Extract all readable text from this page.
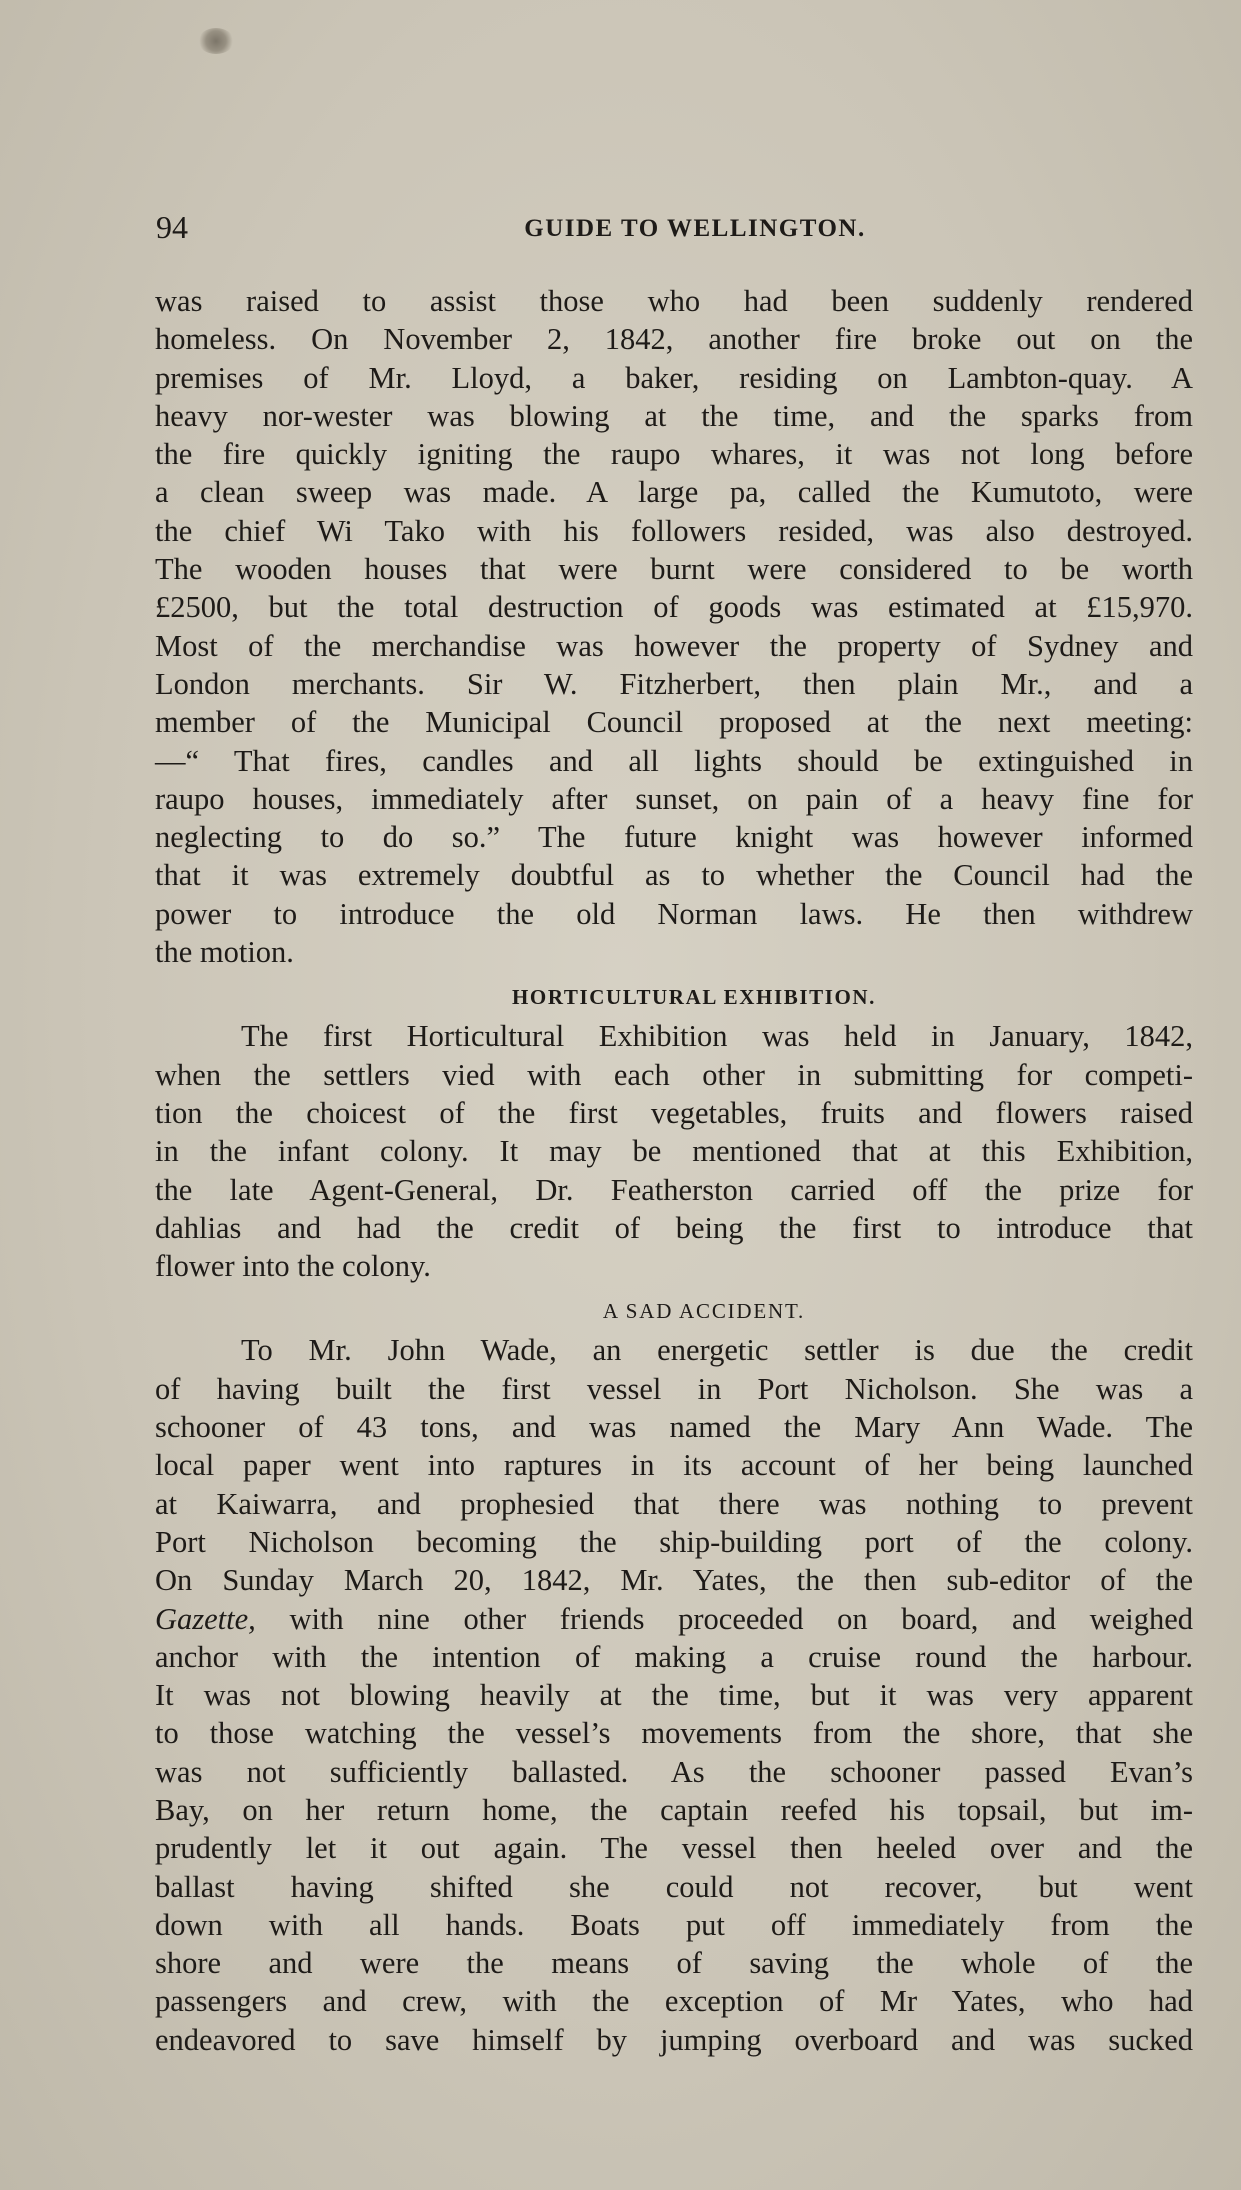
94	GUIDE TO WELLINGTON.
was raised to assist those who had been suddenly rendered
homeless. On November 2, 1842, another fire broke out on the
premises of Mr. Lloyd, a baker, residing on Lambton-quay. A
heavy nor-wester was blowing at the time, and the sparks from
the fire quickly igniting the raupo whares, it was not long before
a clean sweep was made. A large pa, called the Kumutoto, were
the chief Wi Tako with his followers resided, was also destroyed.
The wooden houses that were burnt were considered to be worth
£2500, but the total destruction of goods was estimated at £15,970.
Most of the merchandise was however the property of Sydney and
London merchants. Sir W. Fitzherbert, then plain Mr., and a
member of the Municipal Council proposed at the next meeting:
—“ That fires, candles and all lights should be extinguished in
raupo houses, immediately after sunset, on pain of a heavy fine for
neglecting to do so.” The future knight was however informed
that it was extremely doubtful as to whether the Council had the
power to introduce the old Norman laws. He then withdrew
the motion.
HORTICULTURAL EXHIBITION.
The first Horticultural Exhibition was held in January, 1842,
when the settlers vied with each other in submitting for competi-
tion the choicest of the first vegetables, fruits and flowers raised
in the infant colony. It may be mentioned that at this Exhibition,
the late Agent-General, Dr. Featherston carried off the prize for
dahlias and had the credit of being the first to introduce that
flower into the colony.
A SAD ACCIDENT.
To Mr. John Wade, an energetic settler is due the credit
of having built the first vessel in Port Nicholson. She was a
schooner of 43 tons, and was named the Mary Ann Wade. The
local paper went into raptures in its account of her being launched
at Kaiwarra, and prophesied that there was nothing to prevent
Port Nicholson becoming the ship-building port of the colony.
On Sunday March 20, 1842, Mr. Yates, the then sub-editor of the
Gazette, with nine other friends proceeded on board, and weighed
anchor with the intention of making a cruise round the harbour.
It was not blowing heavily at the time, but it was very apparent
to those watching the vessel’s movements from the shore, that she
was not sufficiently ballasted. As the schooner passed Evan’s
Bay, on her return home, the captain reefed his topsail, but im-
prudently let it out again. The vessel then heeled over and the
ballast having shifted she could not recover, but went
down with all hands. Boats put off immediately from the
shore and were the means of saving the whole of the
passengers and crew, with the exception of Mr Yates, who had
endeavored to save himself by jumping overboard and was sucked
